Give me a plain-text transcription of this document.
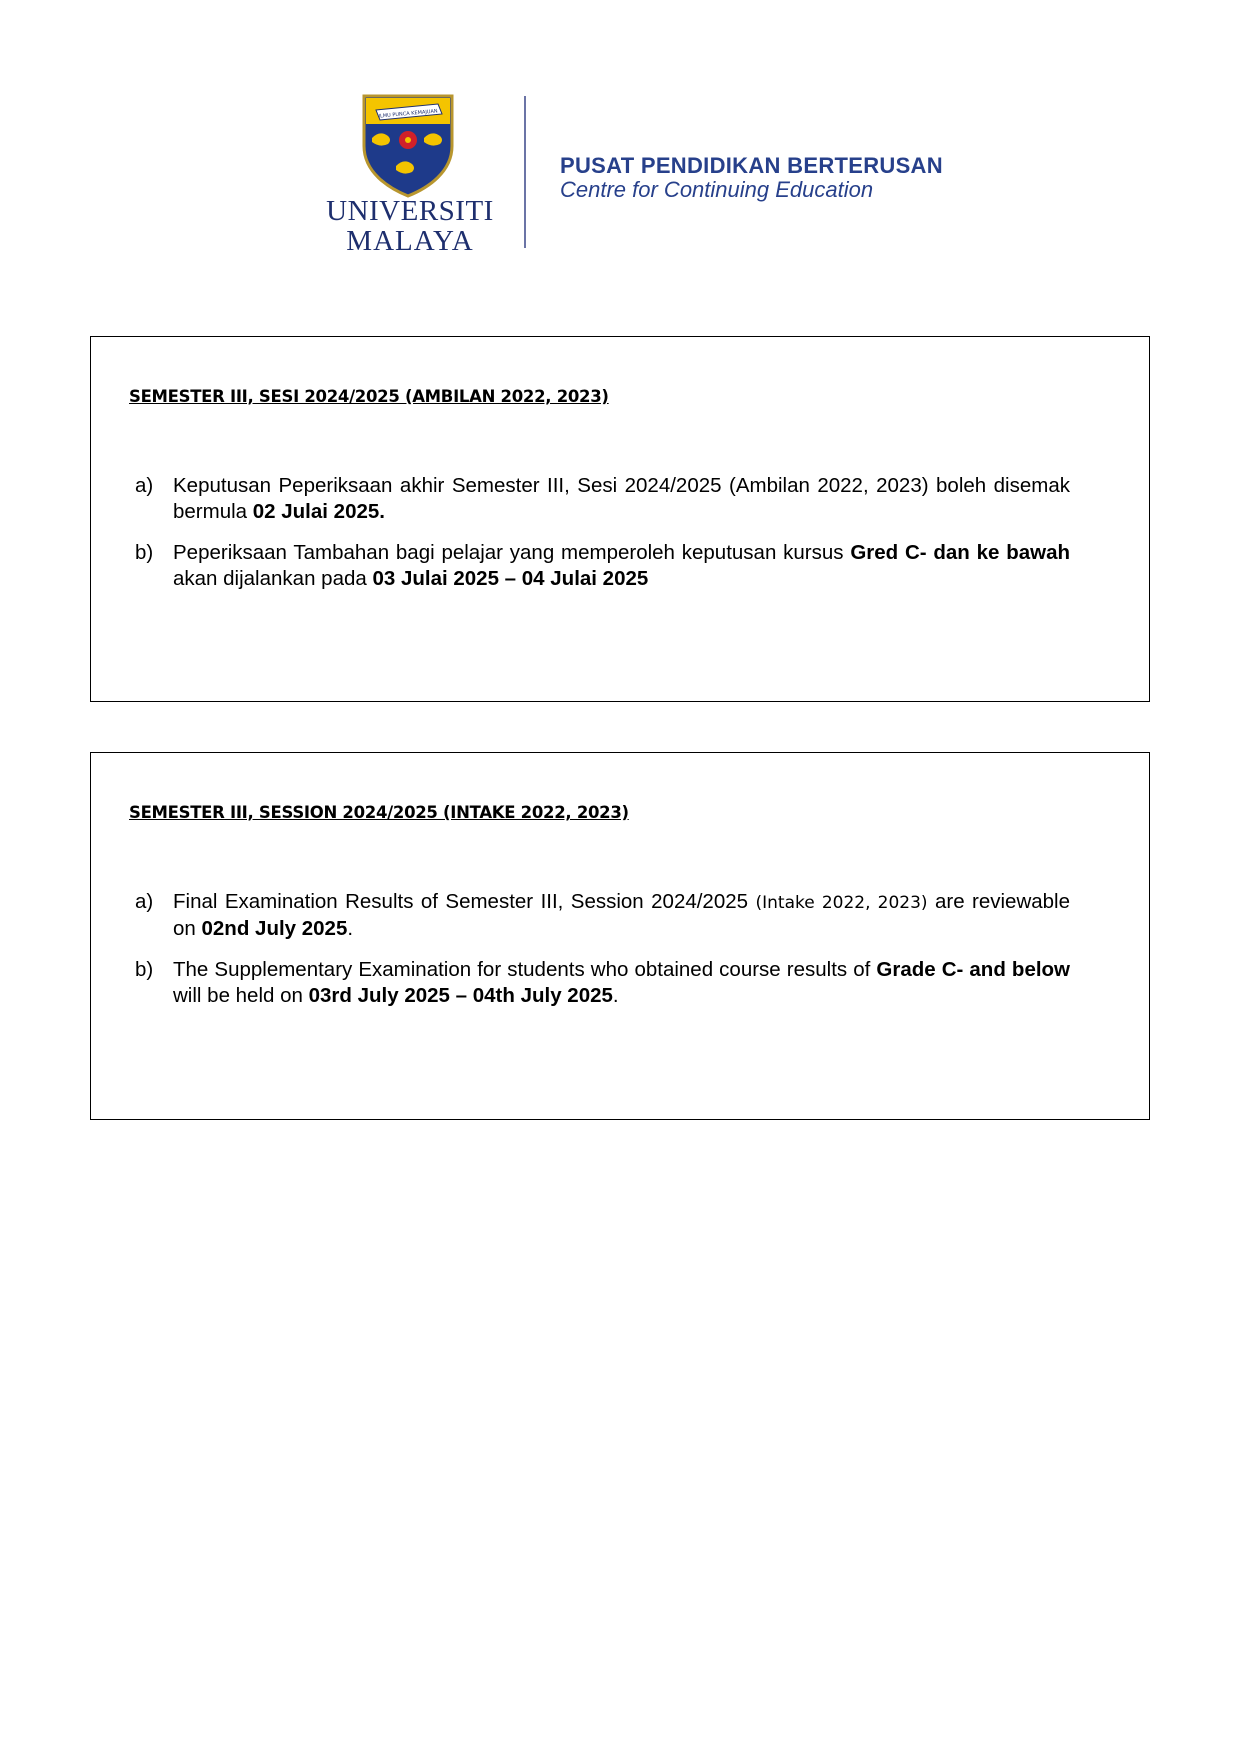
ILMU PUNCA KEMAJUAN
UNIVERSITI
MALAYA
PUSAT PENDIDIKAN BERTERUSAN
Centre for Continuing Education
SEMESTER III, SESI 2024/2025 (AMBILAN 2022, 2023)
a) Keputusan Peperiksaan akhir Semester III, Sesi 2024/2025 (Ambilan 2022, 2023) boleh disemak bermula 02 Julai 2025.
b) Peperiksaan Tambahan bagi pelajar yang memperoleh keputusan kursus Gred C- dan ke bawah akan dijalankan pada 03 Julai 2025 – 04 Julai 2025
SEMESTER III, SESSION 2024/2025 (INTAKE 2022, 2023)
a) Final Examination Results of Semester III, Session 2024/2025 (Intake 2022, 2023) are reviewable on 02nd July 2025.
b) The Supplementary Examination for students who obtained course results of Grade C- and below will be held on 03rd July 2025 – 04th July 2025.
